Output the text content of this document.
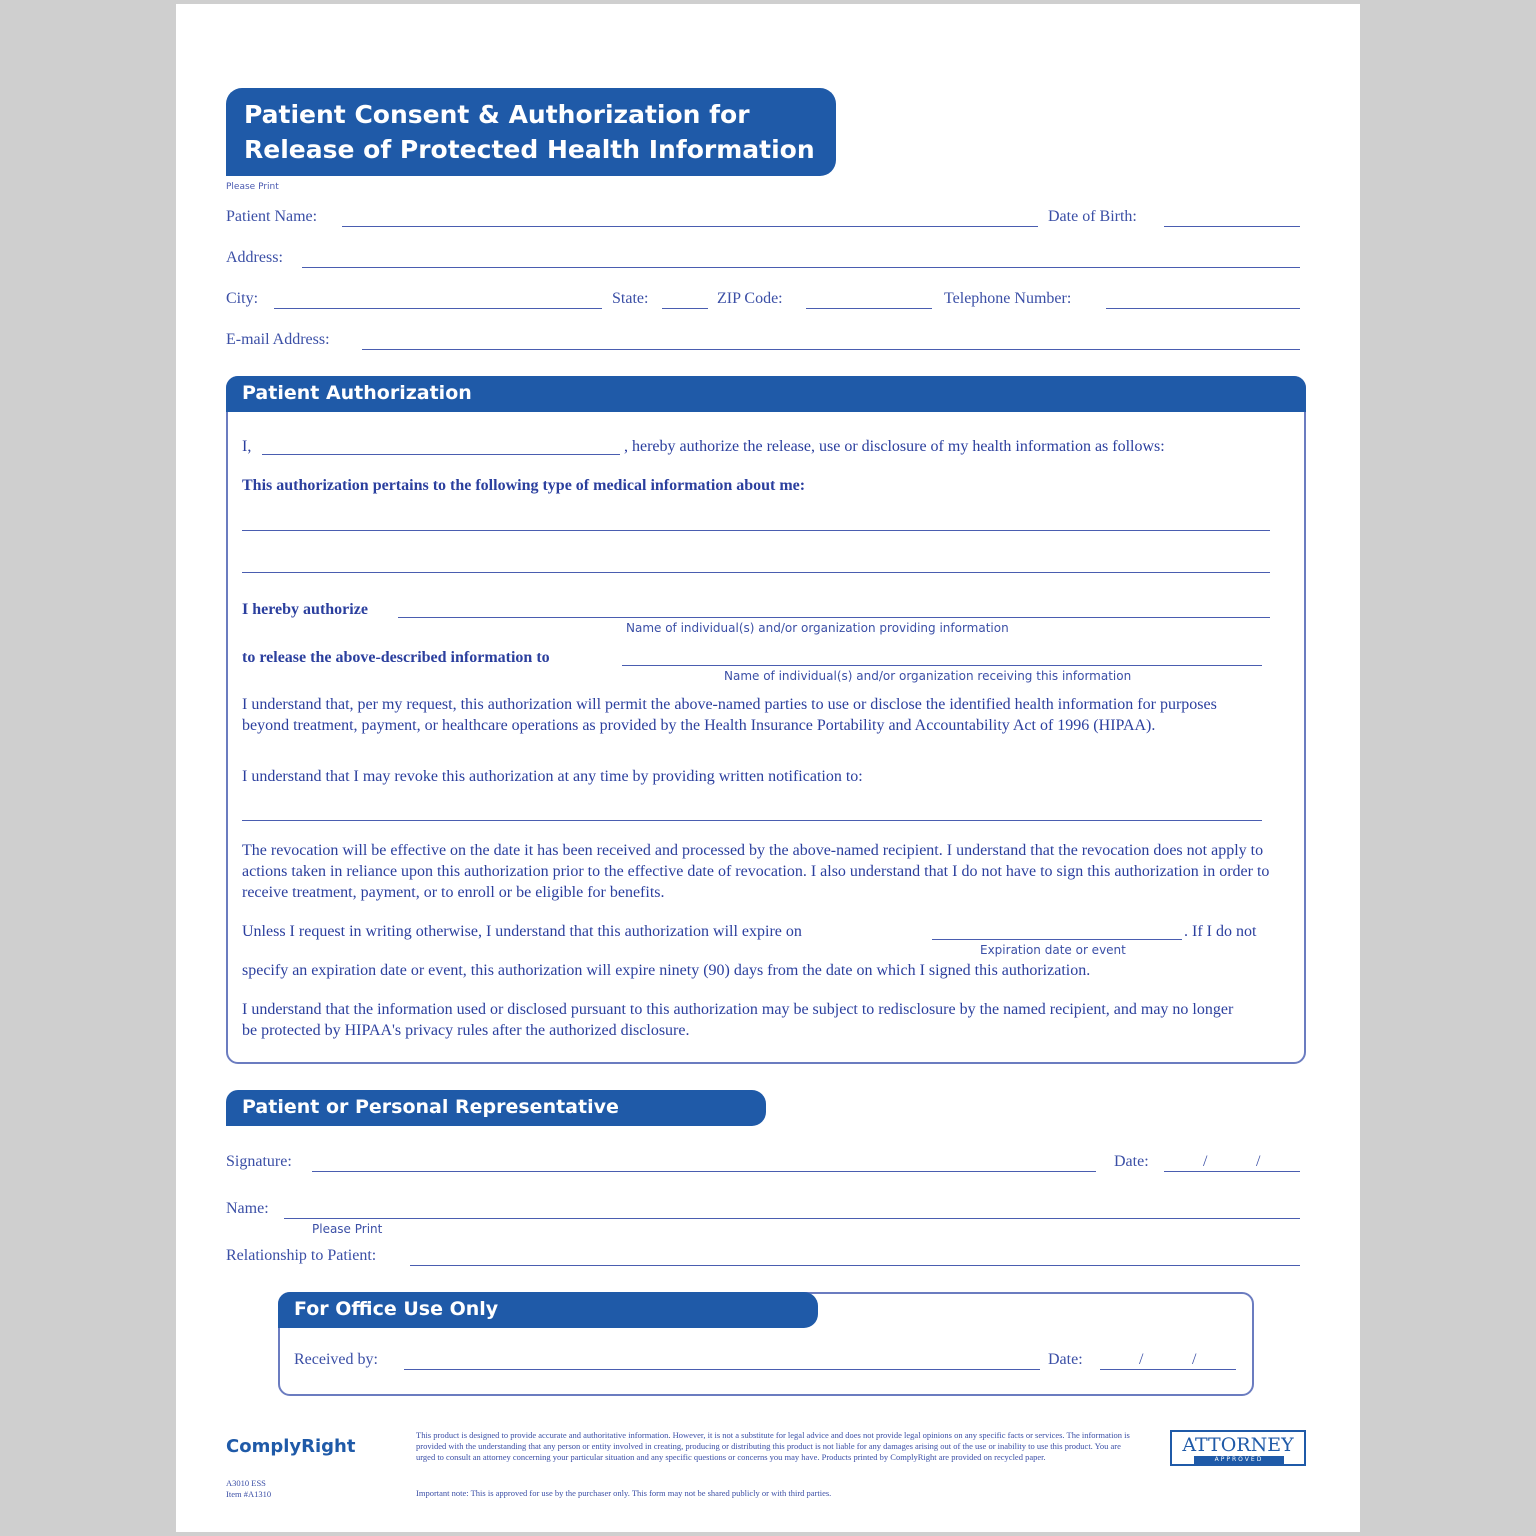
Patient Consent & Authorization for
Release of Protected Health Information
Please Print
Patient Name:	Date of Birth:
Address:
City:	State:	ZIP Code:	Telephone Number:
E-mail Address:
Patient Authorization
I,	, hereby authorize the release, use or disclosure of my health information as follows:
This authorization pertains to the following type of medical information about me:
I hereby authorize
Name of individual(s) and/or organization providing information
to release the above-described information to
Name of individual(s) and/or organization receiving this information
I understand that, per my request, this authorization will permit the above-named parties to use or disclose the identified health information for purposes beyond treatment, payment, or healthcare operations as provided by the Health Insurance Portability and Accountability Act of 1996 (HIPAA).
I understand that I may revoke this authorization at any time by providing written notification to:
The revocation will be effective on the date it has been received and processed by the above-named recipient. I understand that the revocation does not apply to actions taken in reliance upon this authorization prior to the effective date of revocation. I also understand that I do not have to sign this authorization in order to receive treatment, payment, or to enroll or be eligible for benefits.
Unless I request in writing otherwise, I understand that this authorization will expire on	. If I do not
Expiration date or event
specify an expiration date or event, this authorization will expire ninety (90) days from the date on which I signed this authorization.
I understand that the information used or disclosed pursuant to this authorization may be subject to redisclosure by the named recipient, and may no longer be protected by HIPAA's privacy rules after the authorized disclosure.
Patient or Personal Representative
Signature:	Date:	/	/
Name:
Please Print
Relationship to Patient:
For Office Use Only
Received by:	Date:	/	/
ComplyRight
A3010 ESS
Item #A1310
This product is designed to provide accurate and authoritative information. However, it is not a substitute for legal advice and does not provide legal opinions on any specific facts or services. The information is provided with the understanding that any person or entity involved in creating, producing or distributing this product is not liable for any damages arising out of the use or inability to use this product. You are urged to consult an attorney concerning your particular situation and any specific questions or concerns you may have. Products printed by ComplyRight are provided on recycled paper.
Important note: This is approved for use by the purchaser only. This form may not be shared publicly or with third parties.
ATTORNEY
APPROVED
